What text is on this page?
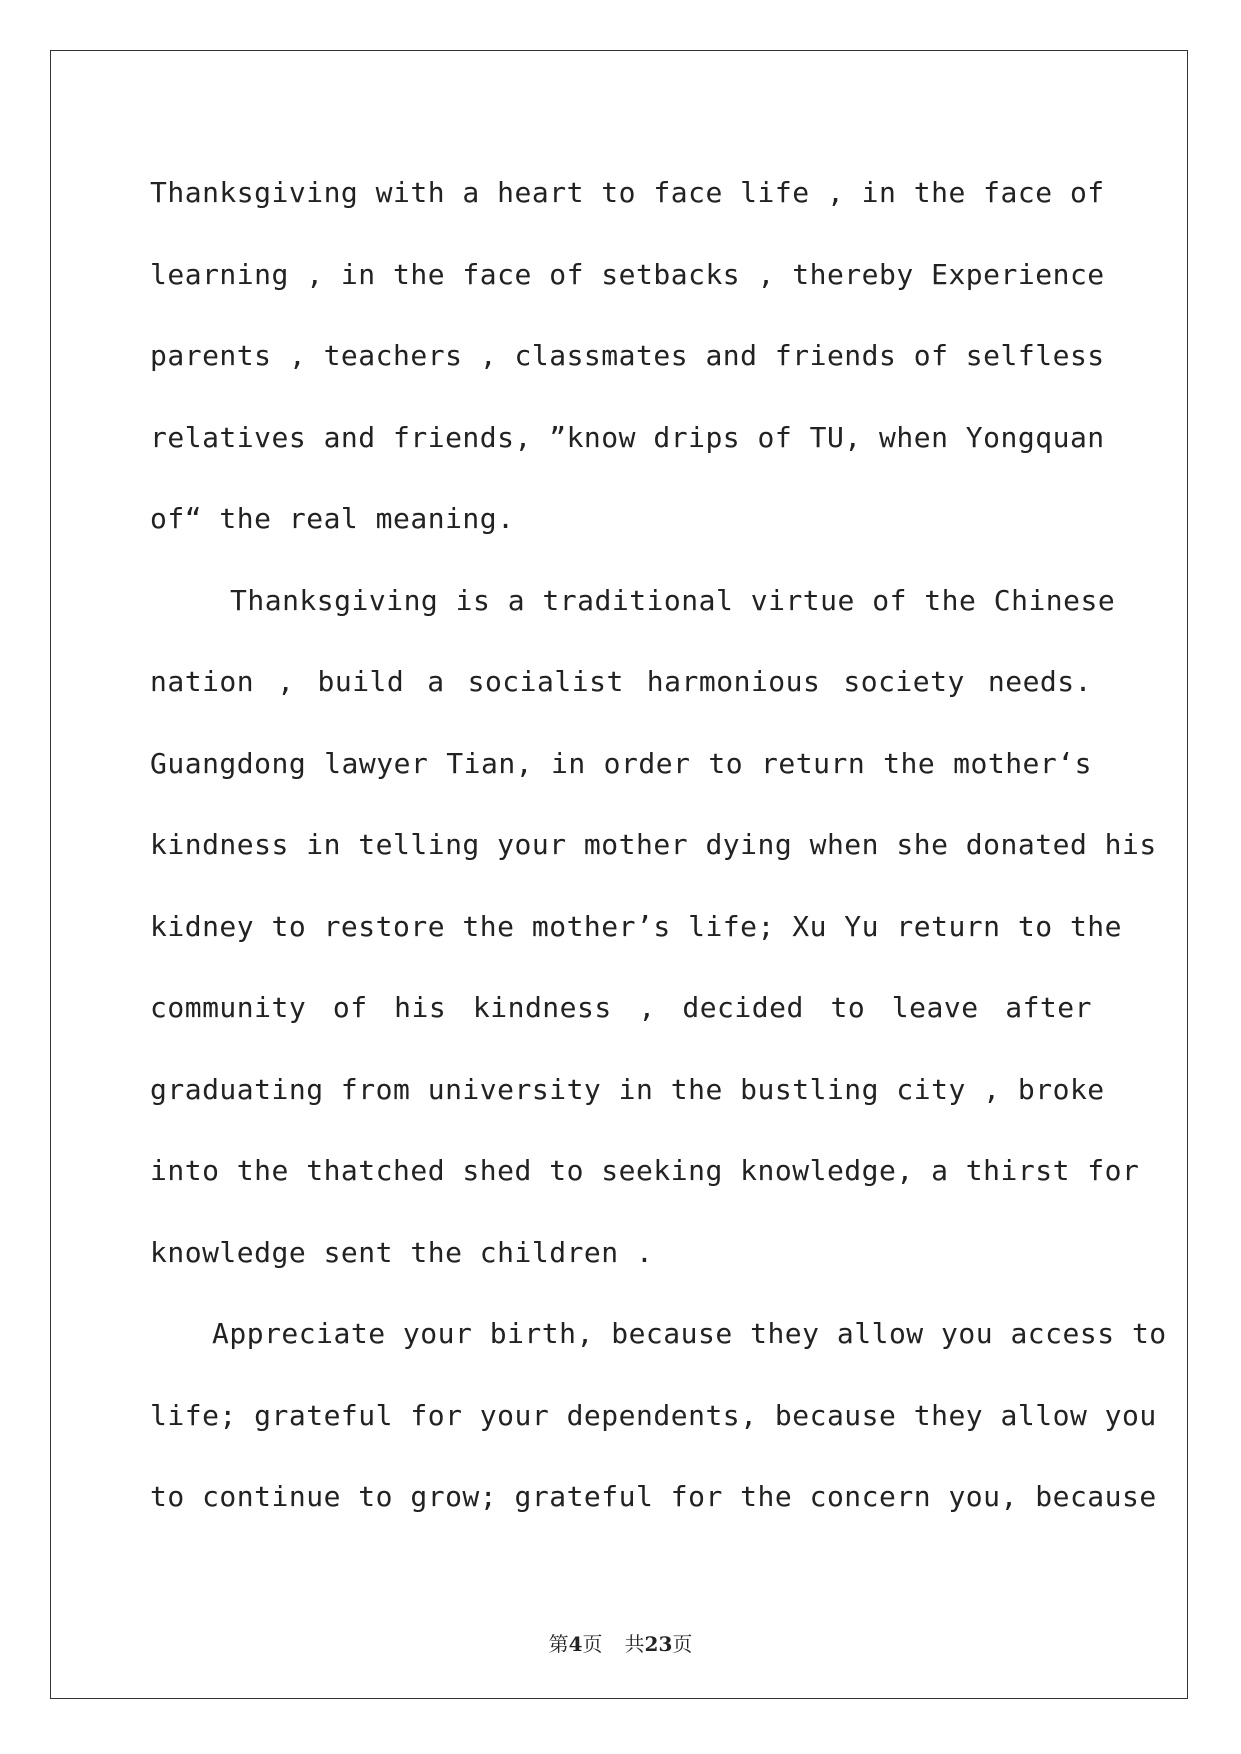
Thanksgiving with a heart to face life , in the face of
learning , in the face of setbacks , thereby Experience
parents , teachers , classmates and friends of selfless
relatives and friends, ”know drips of TU, when Yongquan
of“ the real meaning.
Thanksgiving is a traditional virtue of the Chinese
nation , build a socialist harmonious society needs.
Guangdong lawyer Tian, in order to return the mother‘s
kindness in telling your mother dying when she donated his
kidney to restore the mother’s life; Xu Yu return to the
community of his kindness , decided to leave after
graduating from university in the bustling city , broke
into the thatched shed to seeking knowledge, a thirst for
knowledge sent the children .
Appreciate your birth, because they allow you access to
life; grateful for your dependents, because they allow you
to continue to grow; grateful for the concern you, because
第4页 共23页
